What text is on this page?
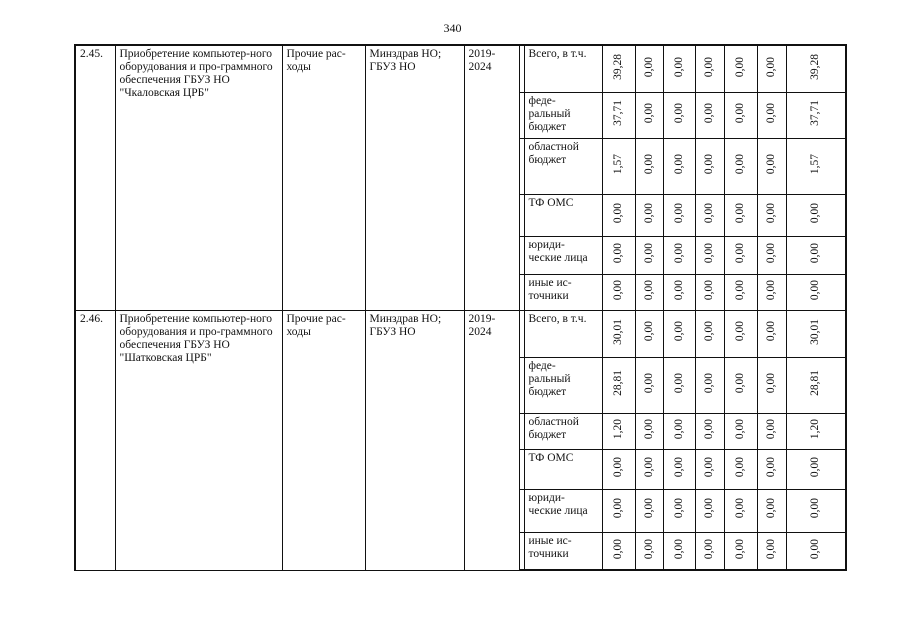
340
2.45.	Приобретение компьютер-ного оборудования и про-граммного обеспечения ГБУЗ НО "Чкаловская ЦРБ"	Прочие рас-ходы	Минздрав НО; ГБУЗ НО	2019-2024		Всего, в т.ч.	39,28	0,00	0,00	0,00	0,00	0,00	39,28
						феде-ральный бюджет	37,71	0,00	0,00	0,00	0,00	0,00	37,71
						областной бюджет	1,57	0,00	0,00	0,00	0,00	0,00	1,57
						ТФ ОМС	0,00	0,00	0,00	0,00	0,00	0,00	0,00
						юриди-ческие лица	0,00	0,00	0,00	0,00	0,00	0,00	0,00
						иные ис-точники	0,00	0,00	0,00	0,00	0,00	0,00	0,00
2.46.	Приобретение компьютер-ного оборудования и про-граммного обеспечения ГБУЗ НО "Шатковская ЦРБ"	Прочие рас-ходы	Минздрав НО; ГБУЗ НО	2019-2024		Всего, в т.ч.	30,01	0,00	0,00	0,00	0,00	0,00	30,01
						феде-ральный бюджет	28,81	0,00	0,00	0,00	0,00	0,00	28,81
						областной бюджет	1,20	0,00	0,00	0,00	0,00	0,00	1,20
						ТФ ОМС	0,00	0,00	0,00	0,00	0,00	0,00	0,00
						юриди-ческие лица	0,00	0,00	0,00	0,00	0,00	0,00	0,00
						иные ис-точники	0,00	0,00	0,00	0,00	0,00	0,00	0,00
